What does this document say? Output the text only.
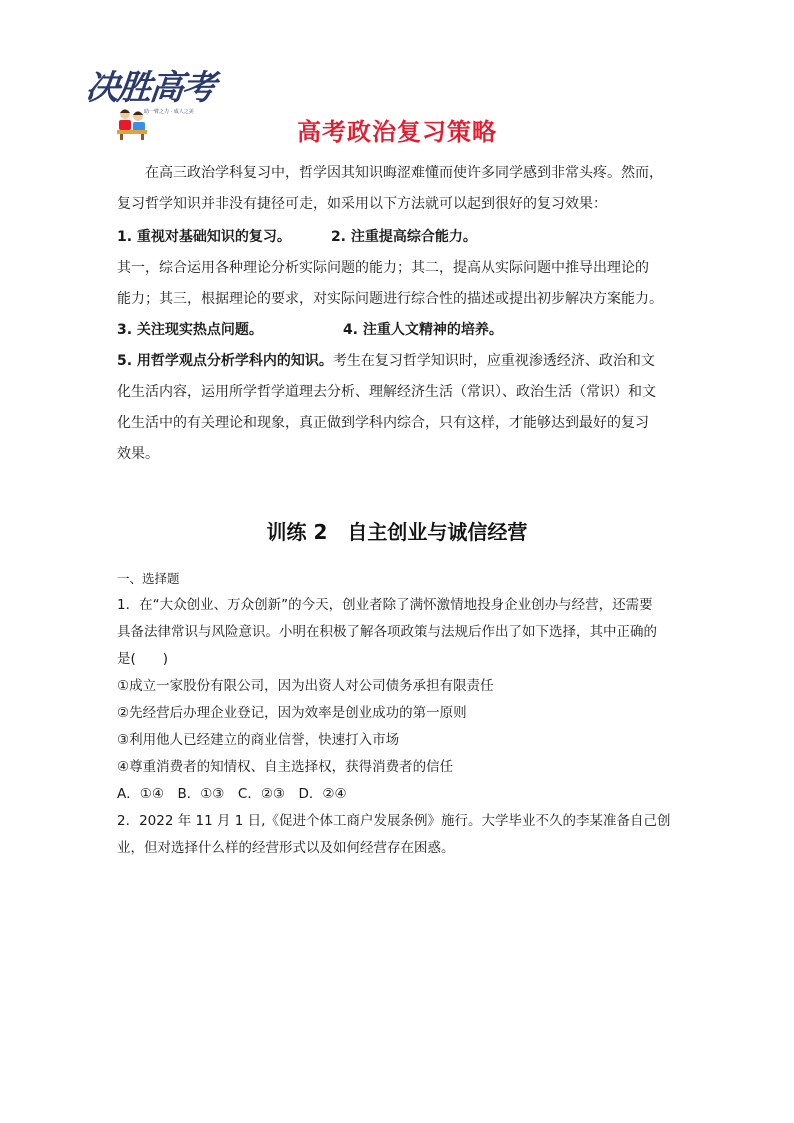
决胜高考
助一臂之力 · 成人之美
高考政治复习策略
在高三政治学科复习中，哲学因其知识晦涩难懂而使许多同学感到非常头疼。然而，
复习哲学知识并非没有捷径可走，如采用以下方法就可以起到很好的复习效果：
1. 重视对基础知识的复习。	2. 注重提高综合能力。
其一，综合运用各种理论分析实际问题的能力；其二，提高从实际问题中推导出理论的
能力；其三，根据理论的要求，对实际问题进行综合性的描述或提出初步解决方案能力。
3. 关注现实热点问题。	4. 注重人文精神的培养。
5. 用哲学观点分析学科内的知识。考生在复习哲学知识时，应重视渗透经济、政治和文
化生活内容，运用所学哲学道理去分析、理解经济生活（常识）、政治生活（常识）和文
化生活中的有关理论和现象，真正做到学科内综合，只有这样，才能够达到最好的复习
效果。
训练 2　自主创业与诚信经营
一、选择题
1．在“大众创业、万众创新”的今天，创业者除了满怀激情地投身企业创办与经营，还需要
具备法律常识与风险意识。小明在积极了解各项政策与法规后作出了如下选择，其中正确的
是(　　)
①成立一家股份有限公司，因为出资人对公司债务承担有限责任
②先经营后办理企业登记，因为效率是创业成功的第一原则
③利用他人已经建立的商业信誉，快速打入市场
④尊重消费者的知情权、自主选择权，获得消费者的信任
A．①④　B．①③　C．②③　D．②④
2．2022 年 11 月 1 日,《促进个体工商户发展条例》施行。大学毕业不久的李某准备自己创
业，但对选择什么样的经营形式以及如何经营存在困惑。
